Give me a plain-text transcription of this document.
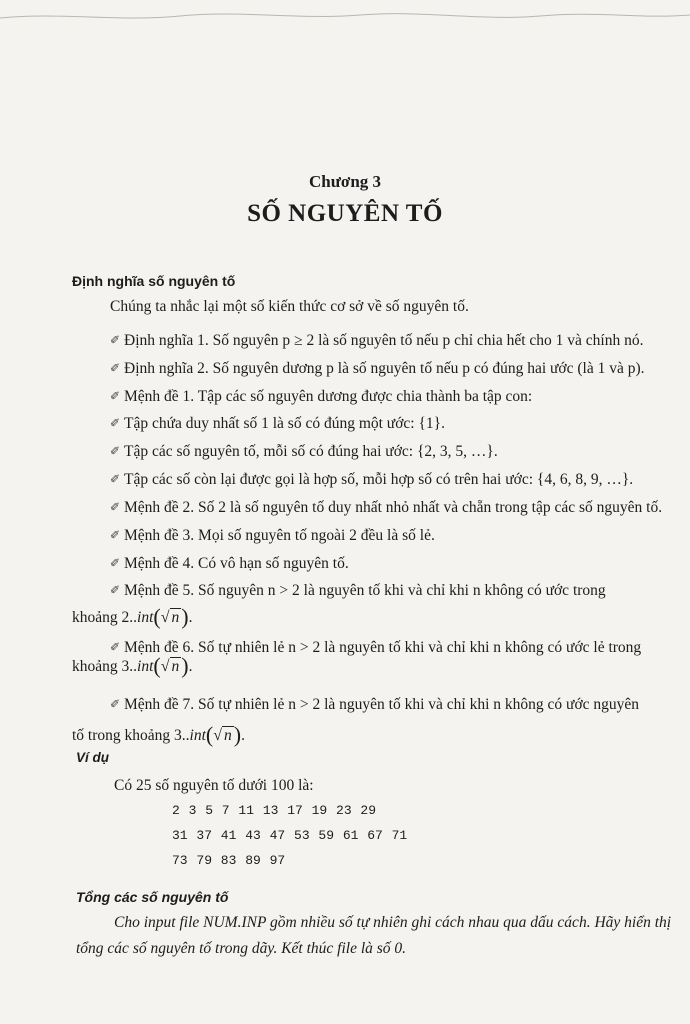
Chương 3
SỐ NGUYÊN TỐ
Định nghĩa số nguyên tố
Chúng ta nhắc lại một số kiến thức cơ sở về số nguyên tố.
✐ Định nghĩa 1. Số nguyên p ≥ 2 là số nguyên tố nếu p chỉ chia hết cho 1 và chính nó.
✐ Định nghĩa 2. Số nguyên dương p là số nguyên tố nếu p có đúng hai ước (là 1 và p).
✐ Mệnh đề 1. Tập các số nguyên dương được chia thành ba tập con:
✐ Tập chứa duy nhất số 1 là số có đúng một ước: {1}.
✐ Tập các số nguyên tố, mỗi số có đúng hai ước: {2, 3, 5, …}.
✐ Tập các số còn lại được gọi là hợp số, mỗi hợp số có trên hai ước: {4, 6, 8, 9, …}.
✐ Mệnh đề 2. Số 2 là số nguyên tố duy nhất nhỏ nhất và chẵn trong tập các số nguyên tố.
✐ Mệnh đề 3. Mọi số nguyên tố ngoài 2 đều là số lẻ.
✐ Mệnh đề 4. Có vô hạn số nguyên tố.
✐ Mệnh đề 5. Số nguyên n > 2 là nguyên tố khi và chỉ khi n không có ước trong
khoảng 2..int(√ n).
✐ Mệnh đề 6. Số tự nhiên lẻ n > 2 là nguyên tố khi và chỉ khi n không có ước lẻ trong
khoảng 3..int(√ n).
✐ Mệnh đề 7. Số tự nhiên lẻ n > 2 là nguyên tố khi và chỉ khi n không có ước nguyên
tố trong khoảng 3..int(√ n).
Ví dụ
Có 25 số nguyên tố dưới 100 là:
2 3 5 7 11 13 17 19 23 29
31 37 41 43 47 53 59 61 67 71
73 79 83 89 97
Tổng các số nguyên tố
Cho input file NUM.INP gồm nhiều số tự nhiên ghi cách nhau qua dấu cách. Hãy hiển thị tổng các số nguyên tố trong dãy. Kết thúc file là số 0.
